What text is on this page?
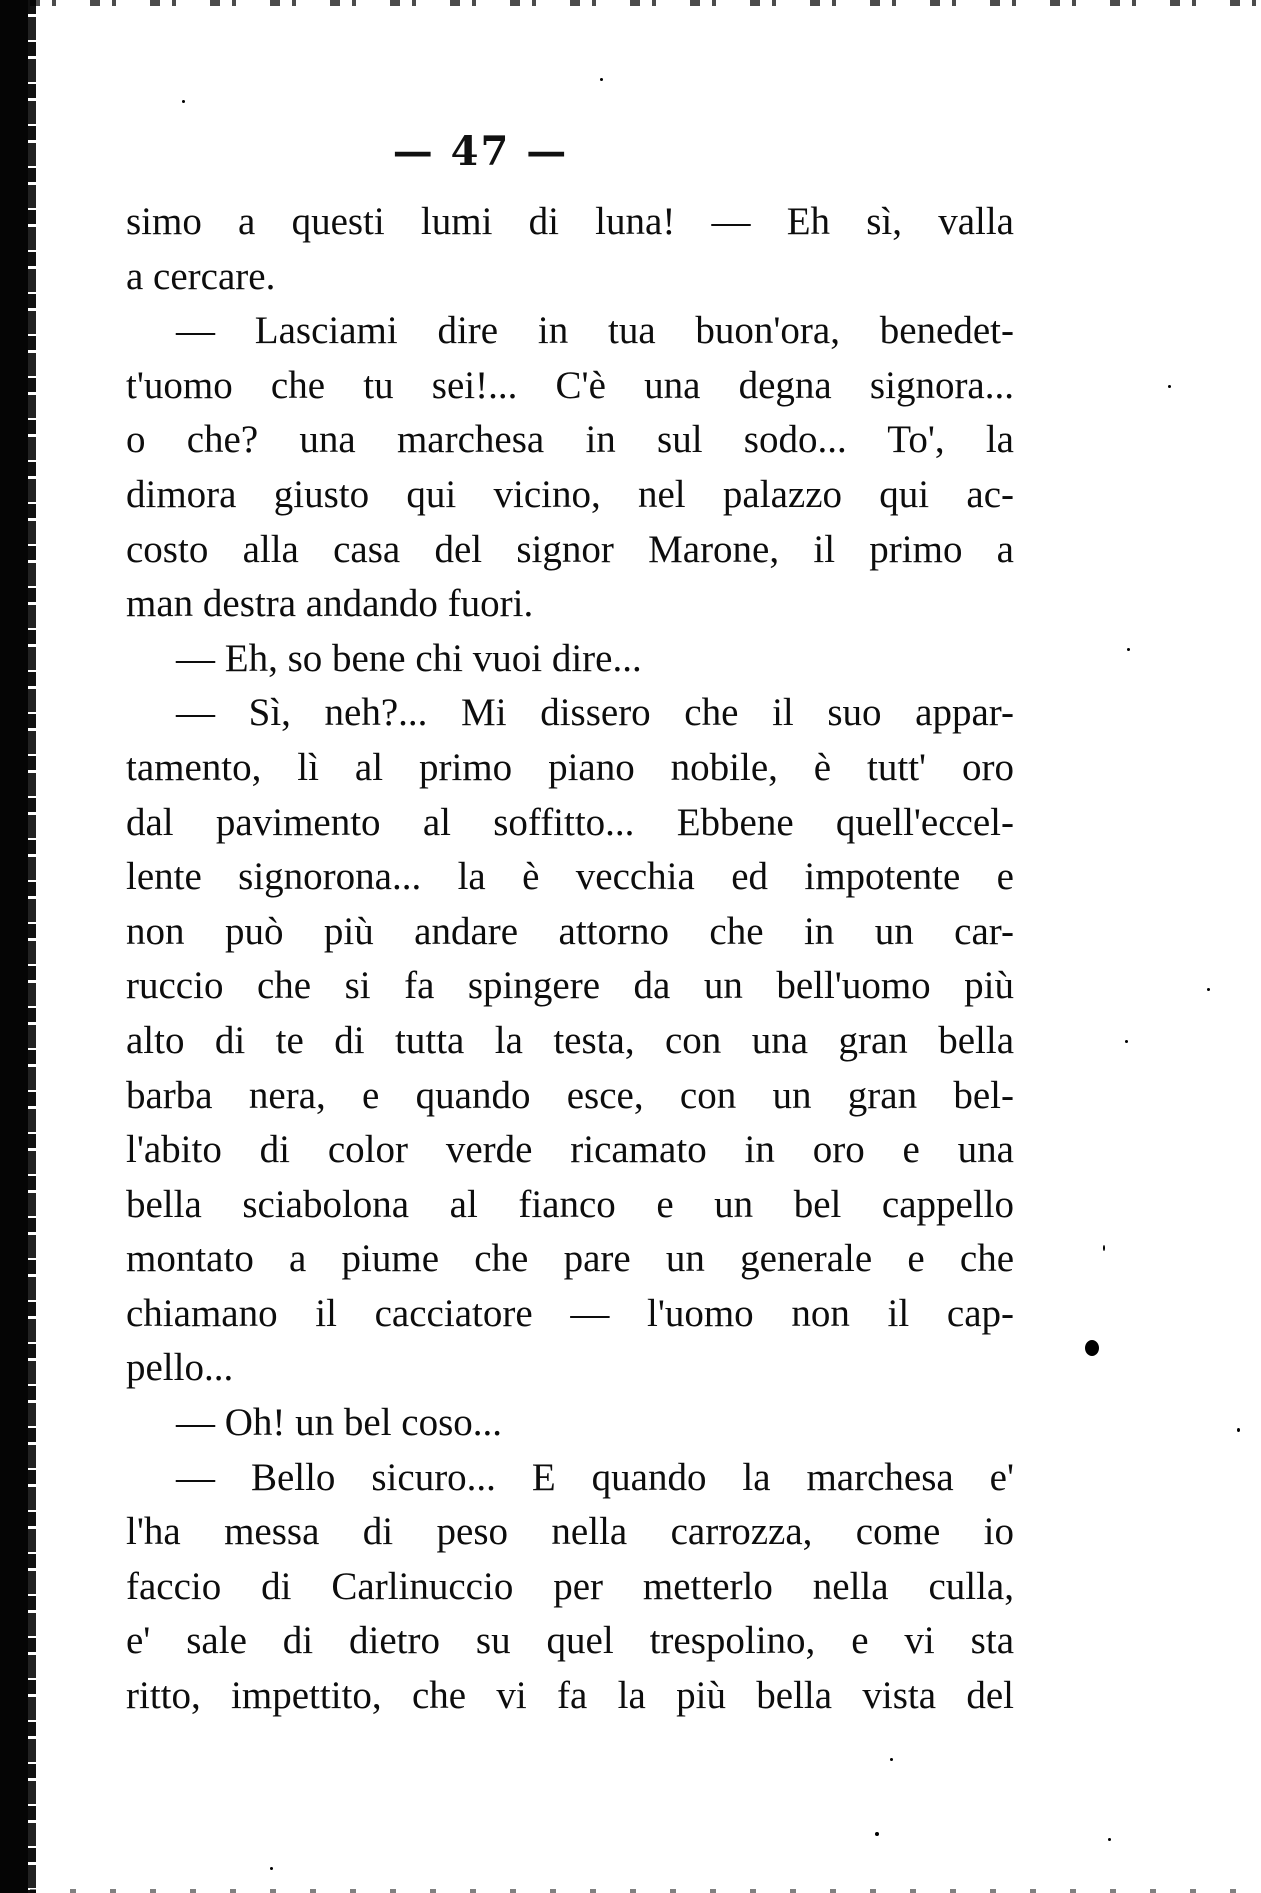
— 47 —
simo a questi lumi di luna! — Eh sì, valla
a cercare.
— Lasciami dire in tua buon'ora, benedet-
t'uomo che tu sei!... C'è una degna signora...
o che? una marchesa in sul sodo... To', la
dimora giusto qui vicino, nel palazzo qui ac-
costo alla casa del signor Marone, il primo a
man destra andando fuori.
— Eh, so bene chi vuoi dire...
— Sì, neh?... Mi dissero che il suo appar-
tamento, lì al primo piano nobile, è tutt' oro
dal pavimento al soffitto... Ebbene quell'eccel-
lente signorona... la è vecchia ed impotente e
non può più andare attorno che in un car-
ruccio che si fa spingere da un bell'uomo più
alto di te di tutta la testa, con una gran bella
barba nera, e quando esce, con un gran bel-
l'abito di color verde ricamato in oro e una
bella sciabolona al fianco e un bel cappello
montato a piume che pare un generale e che
chiamano il cacciatore — l'uomo non il cap-
pello...
— Oh! un bel coso...
— Bello sicuro... E quando la marchesa e'
l'ha messa di peso nella carrozza, come io
faccio di Carlinuccio per metterlo nella culla,
e' sale di dietro su quel trespolino, e vi sta
ritto, impettito, che vi fa la più bella vista del
